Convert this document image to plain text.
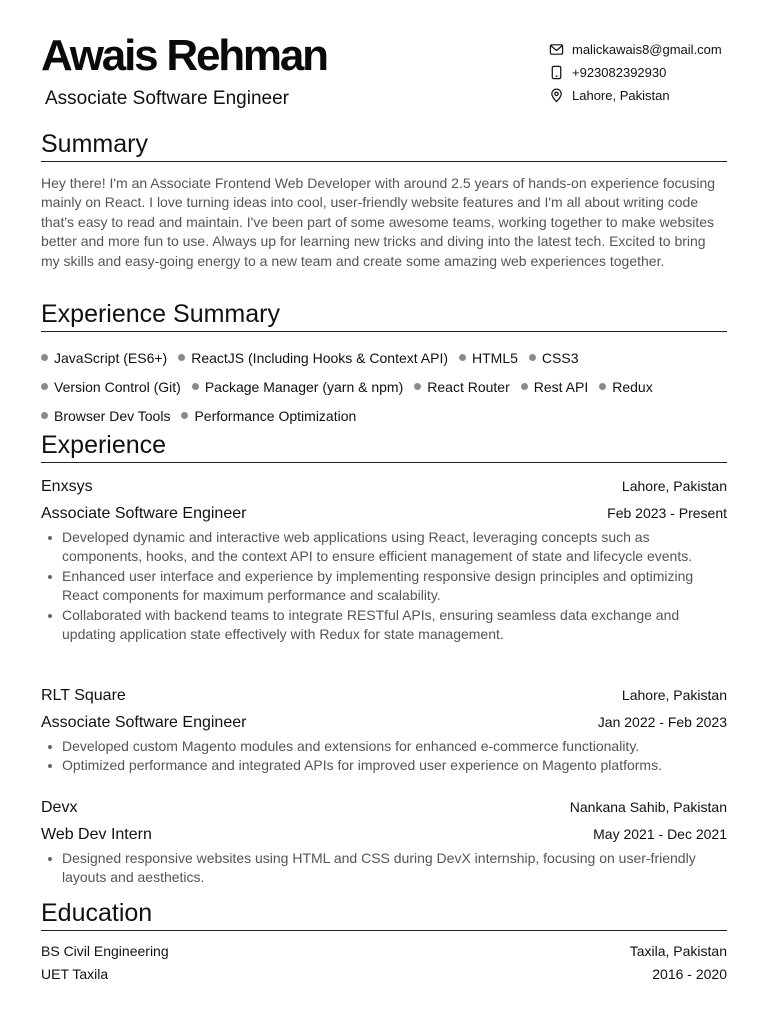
Awais Rehman
Associate Software Engineer
malickawais8@gmail.com
+923082392930
Lahore, Pakistan
Summary
Hey there! I'm an Associate Frontend Web Developer with around 2.5 years of hands-on experience focusing mainly on React. I love turning ideas into cool, user-friendly website features and I'm all about writing code that's easy to read and maintain. I've been part of some awesome teams, working together to make websites better and more fun to use. Always up for learning new tricks and diving into the latest tech. Excited to bring my skills and easy-going energy to a new team and create some amazing web experiences together.
Experience Summary
JavaScript (ES6+) ReactJS (Including Hooks & Context API) HTML5 CSS3
Version Control (Git) Package Manager (yarn & npm) React Router Rest API Redux
Browser Dev Tools Performance Optimization
Experience
Enxsys	Lahore, Pakistan
Associate Software Engineer	Feb 2023 - Present
Developed dynamic and interactive web applications using React, leveraging concepts such as components, hooks, and the context API to ensure efficient management of state and lifecycle events.
Enhanced user interface and experience by implementing responsive design principles and optimizing React components for maximum performance and scalability.
Collaborated with backend teams to integrate RESTful APIs, ensuring seamless data exchange and updating application state effectively with Redux for state management.
RLT Square	Lahore, Pakistan
Associate Software Engineer	Jan 2022 - Feb 2023
Developed custom Magento modules and extensions for enhanced e-commerce functionality.
Optimized performance and integrated APIs for improved user experience on Magento platforms.
Devx	Nankana Sahib, Pakistan
Web Dev Intern	May 2021 - Dec 2021
Designed responsive websites using HTML and CSS during DevX internship, focusing on user-friendly layouts and aesthetics.
Education
BS Civil Engineering	Taxila, Pakistan
UET Taxila	2016 - 2020
